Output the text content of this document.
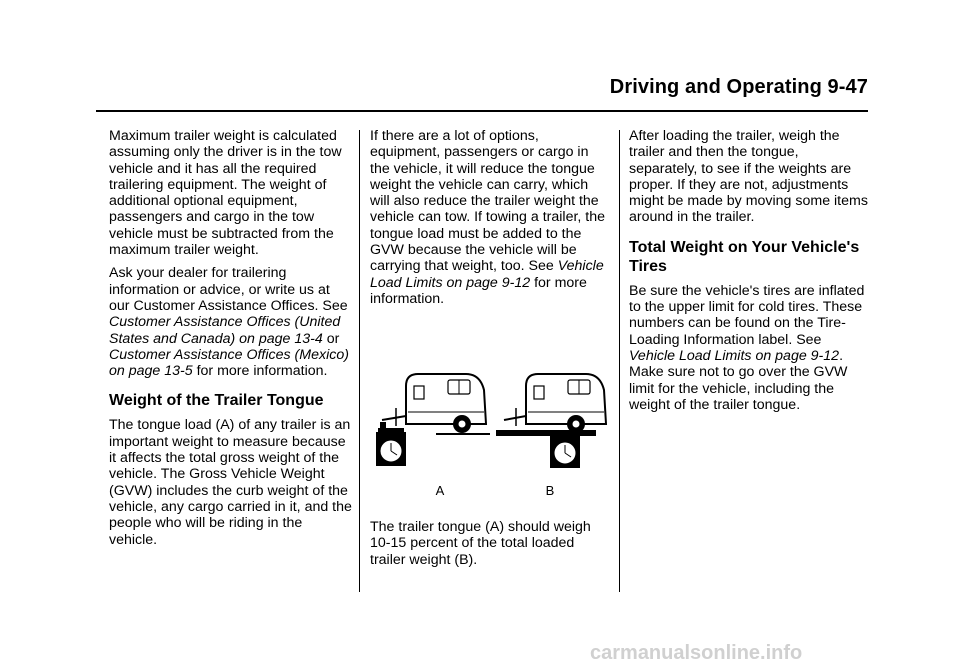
Driving and Operating 9-47

Maximum trailer weight is calculated assuming only the driver is in the tow vehicle and it has all the required trailering equipment. The weight of additional optional equipment, passengers and cargo in the tow vehicle must be subtracted from the maximum trailer weight.

Ask your dealer for trailering information or advice, or write us at our Customer Assistance Offices. See Customer Assistance Offices (United States and Canada) on page 13-4 or Customer Assistance Offices (Mexico) on page 13-5 for more information.

Weight of the Trailer Tongue

The tongue load (A) of any trailer is an important weight to measure because it affects the total gross weight of the vehicle. The Gross Vehicle Weight (GVW) includes the curb weight of the vehicle, any cargo carried in it, and the people who will be riding in the vehicle.

If there are a lot of options, equipment, passengers or cargo in the vehicle, it will reduce the tongue weight the vehicle can carry, which will also reduce the trailer weight the vehicle can tow. If towing a trailer, the tongue load must be added to the GVW because the vehicle will be carrying that weight, too. See Vehicle Load Limits on page 9-12 for more information.

A	B

The trailer tongue (A) should weigh 10-15 percent of the total loaded trailer weight (B).

After loading the trailer, weigh the trailer and then the tongue, separately, to see if the weights are proper. If they are not, adjustments might be made by moving some items around in the trailer.

Total Weight on Your Vehicle's Tires

Be sure the vehicle's tires are inflated to the upper limit for cold tires. These numbers can be found on the Tire-Loading Information label. See Vehicle Load Limits on page 9-12. Make sure not to go over the GVW limit for the vehicle, including the weight of the trailer tongue.

carmanualsonline.info
